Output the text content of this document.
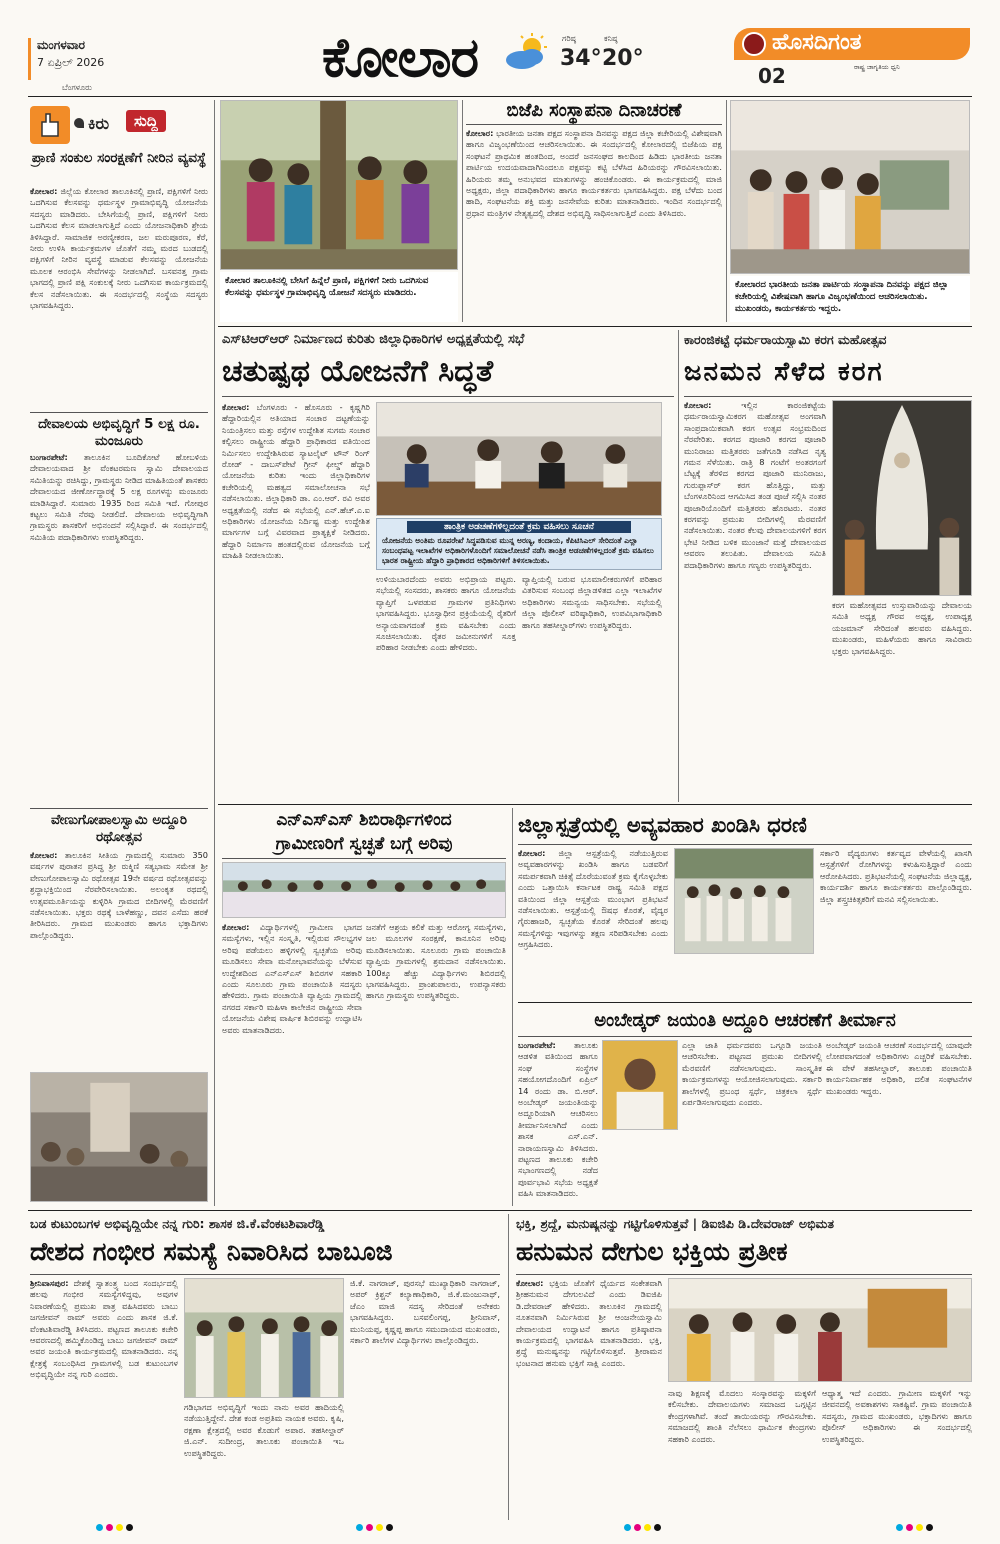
ಮಂಗಳವಾರ
7 ಏಪ್ರಿಲ್ 2026
ಬೆಂಗಳೂರು	ಕೋಲಾರ	ಗರಿಷ್ಠ
34°
ಕನಿಷ್ಠ
20°
ಹೊಸದಿಗಂತ
ರಾಷ್ಟ್ರ ಜಾಗೃತಿಯ ಧ್ವನಿ
02
ಕಿರು	ಸುದ್ದಿ
ಪ್ರಾಣಿ ಸಂಕುಲ ಸಂರಕ್ಷಣೆಗೆ ನೀರಿನ ವ್ಯವಸ್ಥೆ
ಕೋಲಾರ: ಜಿಲ್ಲೆಯ ಕೋಲಾರ ತಾಲೂಕಿನಲ್ಲಿ ಪ್ರಾಣಿ, ಪಕ್ಷಿಗಳಿಗೆ ನೀರು ಒದಗಿಸುವ ಕೆಲಸವನ್ನು ಧರ್ಮಸ್ಥಳ ಗ್ರಾಮಾಭಿವೃದ್ಧಿ ಯೋಜನೆಯ ಸದಸ್ಯರು ಮಾಡಿದರು. ಬೇಸಿಗೆಯಲ್ಲಿ ಪ್ರಾಣಿ, ಪಕ್ಷಿಗಳಿಗೆ ನೀರು ಒದಗಿಸುವ ಕೆಲಸ ಮಾಡಲಾಗುತ್ತಿದೆ ಎಂದು ಯೋಜನಾಧಿಕಾರಿ ಶ್ರೇಯ ತಿಳಿಸಿದ್ದಾರೆ. ಸಾಮಾಜಿಕ ಅರಣ್ಯೀಕರಣ, ಜಲ ಮರುಪೂರಣ, ಕೆರೆ, ನೀರು ಉಳಿಸಿ ಕಾರ್ಯಕ್ರಮಗಳ ಜೊತೆಗೆ ನಮ್ಮ ಮರದ ಬುಡದಲ್ಲಿ ಪಕ್ಷಿಗಳಿಗೆ ನೀರಿನ ವ್ಯವಸ್ಥೆ ಮಾಡುವ ಕೆಲಸವನ್ನು ಯೋಜನೆಯ ಮೂಲಕ ಆರಂಭಿಸಿ ಸೇವೆಗಳನ್ನು ನೀಡಲಾಗಿದೆ. ಬಸವನತ್ತ ಗ್ರಾಮ ಭಾಗದಲ್ಲಿ ಪ್ರಾಣಿ ಪಕ್ಷಿ ಸಂಕುಲಕ್ಕೆ ನೀರು ಒದಗಿಸುವ ಕಾರ್ಯಕ್ರಮದಲ್ಲಿ ಕೆಲಸ ನಡೆಸಲಾಯಿತು. ಈ ಸಂದರ್ಭದಲ್ಲಿ ಸಂಸ್ಥೆಯ ಸದಸ್ಯರು ಭಾಗವಹಿಸಿದ್ದರು.
ದೇವಾಲಯ ಅಭಿವೃದ್ಧಿಗೆ 5 ಲಕ್ಷ ರೂ. ಮಂಜೂರು
ಬಂಗಾರಪೇಟೆ: ತಾಲೂಕಿನ ಬೂದಿಕೋಟೆ ಹೋಬಳಿಯ ದೇವಾಲಯವಾದ ಶ್ರೀ ವೆಂಕಟರಮಣ ಸ್ವಾಮಿ ದೇವಾಲಯದ ಸಮಿತಿಯನ್ನು ರಚಿಸಿದ್ದು, ಗ್ರಾಮಸ್ಥರು ನೀಡಿದ ಮಾಹಿತಿಯಂತೆ ಶಾಸಕರು ದೇವಾಲಯದ ಜೀರ್ಣೋದ್ಧಾರಕ್ಕೆ 5 ಲಕ್ಷ ರೂಗಳನ್ನು ಮಂಜೂರು ಮಾಡಿಸಿದ್ದಾರೆ. ಸುಮಾರು 1935 ರಿಂದ ಸಮಿತಿ ಇದೆ. ಗೋಪುರ ಕಟ್ಟಲು ಸಮಿತಿ ನೆರವು ನೀಡಲಿದೆ. ದೇವಾಲಯ ಅಭಿವೃದ್ಧಿಗಾಗಿ ಗ್ರಾಮಸ್ಥರು ಶಾಸಕರಿಗೆ ಅಭಿನಂದನೆ ಸಲ್ಲಿಸಿದ್ದಾರೆ. ಈ ಸಂದರ್ಭದಲ್ಲಿ ಸಮಿತಿಯ ಪದಾಧಿಕಾರಿಗಳು ಉಪಸ್ಥಿತರಿದ್ದರು.
ವೇಣುಗೋಪಾಲಸ್ವಾಮಿ ಅದ್ದೂರಿ ರಥೋತ್ಸವ
ಕೋಲಾರ: ತಾಲೂಕಿನ ಸೀತಿಯ ಗ್ರಾಮದಲ್ಲಿ ಸುಮಾರು 350 ವರ್ಷಗಳ ಪುರಾತನ ಪ್ರಸಿದ್ಧ ಶ್ರೀ ರುಕ್ಮಿಣಿ ಸತ್ಯಭಾಮ ಸಮೇತ ಶ್ರೀ ವೇಣುಗೋಪಾಲಸ್ವಾಮಿ ರಥೋತ್ಸವ 19ನೇ ವರ್ಷದ ರಥೋತ್ಸವವನ್ನು ಶ್ರದ್ಧಾಭಕ್ತಿಯಿಂದ ನೆರವೇರಿಸಲಾಯಿತು. ಅಲಂಕೃತ ರಥದಲ್ಲಿ ಉತ್ಸವಮೂರ್ತಿಯನ್ನು ಕುಳ್ಳಿರಿಸಿ ಗ್ರಾಮದ ಬೀದಿಗಳಲ್ಲಿ ಮೆರವಣಿಗೆ ನಡೆಸಲಾಯಿತು. ಭಕ್ತರು ರಥಕ್ಕೆ ಬಾಳೆಹಣ್ಣು, ದವನ ಎಸೆದು ಹರಕೆ ತೀರಿಸಿದರು. ಗ್ರಾಮದ ಮುಖಂಡರು ಹಾಗೂ ಭಕ್ತಾದಿಗಳು ಪಾಲ್ಗೊಂಡಿದ್ದರು.
ಕೋಲಾರ ತಾಲೂಕಿನಲ್ಲಿ ಬೇಸಿಗೆ ಹಿನ್ನೆಲೆ ಪ್ರಾಣಿ, ಪಕ್ಷಿಗಳಿಗೆ ನೀರು ಒದಗಿಸುವ ಕೆಲಸವನ್ನು ಧರ್ಮಸ್ಥಳ ಗ್ರಾಮಾಭಿವೃದ್ಧಿ ಯೋಜನೆ ಸದಸ್ಯರು ಮಾಡಿದರು.
ಬಿಜೆಪಿ ಸಂಸ್ಥಾಪನಾ ದಿನಾಚರಣೆ
ಕೋಲಾರ: ಭಾರತೀಯ ಜನತಾ ಪಕ್ಷದ ಸಂಸ್ಥಾಪನಾ ದಿನವನ್ನು ಪಕ್ಷದ ಜಿಲ್ಲಾ ಕಚೇರಿಯಲ್ಲಿ ವಿಶೇಷವಾಗಿ ಹಾಗೂ ವಿಜೃಂಭಣೆಯಿಂದ ಆಚರಿಸಲಾಯಿತು. ಈ ಸಂದರ್ಭದಲ್ಲಿ ಕೋಲಾರದಲ್ಲಿ ಬಿಜೆಪಿಯ ಪಕ್ಷ ಸಂಘಟನೆ ಪ್ರಾಥಮಿಕ ಹಂತದಿಂದ, ಅಂದರೆ ಜನಸಂಘದ ಕಾಲದಿಂದ ಹಿಡಿದು ಭಾರತೀಯ ಜನತಾ ಪಾರ್ಟಿಯ ಉದಯವಾದಾಗಿನಿಂದಲೂ ಪಕ್ಷವನ್ನು ಕಟ್ಟಿ ಬೆಳೆಸಿದ ಹಿರಿಯರನ್ನು ಗೌರವಿಸಲಾಯಿತು. ಹಿರಿಯರು ತಮ್ಮ ಅನುಭವದ ಮಾತುಗಳನ್ನು ಹಂಚಿಕೊಂಡರು. ಈ ಕಾರ್ಯಕ್ರಮದಲ್ಲಿ ಮಾಜಿ ಅಧ್ಯಕ್ಷರು, ಜಿಲ್ಲಾ ಪದಾಧಿಕಾರಿಗಳು ಹಾಗೂ ಕಾರ್ಯಕರ್ತರು ಭಾಗವಹಿಸಿದ್ದರು. ಪಕ್ಷ ಬೆಳೆದು ಬಂದ ಹಾದಿ, ಸಂಘಟನೆಯ ಶಕ್ತಿ ಮತ್ತು ಜನಸೇವೆಯ ಕುರಿತು ಮಾತನಾಡಿದರು. ಇಂದಿನ ಸಂದರ್ಭದಲ್ಲಿ ಪ್ರಧಾನ ಮಂತ್ರಿಗಳ ನೇತೃತ್ವದಲ್ಲಿ ದೇಶದ ಅಭಿವೃದ್ಧಿ ಸಾಧಿಸಲಾಗುತ್ತಿದೆ ಎಂದು ತಿಳಿಸಿದರು.
ಕೋಲಾರದ ಭಾರತೀಯ ಜನತಾ ಪಾರ್ಟಿಯ ಸಂಸ್ಥಾಪನಾ ದಿನವನ್ನು ಪಕ್ಷದ ಜಿಲ್ಲಾ ಕಚೇರಿಯಲ್ಲಿ ವಿಶೇಷವಾಗಿ ಹಾಗೂ ವಿಜೃಂಭಣೆಯಿಂದ ಆಚರಿಸಲಾಯಿತು. ಮುಖಂಡರು, ಕಾರ್ಯಕರ್ತರು ಇದ್ದರು.
ಎಸ್‌ಟಿಆರ್‌ಆರ್ ನಿರ್ಮಾಣದ ಕುರಿತು ಜಿಲ್ಲಾಧಿಕಾರಿಗಳ ಅಧ್ಯಕ್ಷತೆಯಲ್ಲಿ ಸಭೆ
ಚತುಷ್ಪಥ ಯೋಜನೆಗೆ ಸಿದ್ಧತೆ
ಕೋಲಾರ: ಬೆಂಗಳೂರು - ಹೊಸೂರು - ಕೃಷ್ಣಗಿರಿ ಹೆದ್ದಾರಿಯಲ್ಲಿನ ಅತಿಯಾದ ಸಂಚಾರ ದಟ್ಟಣೆಯನ್ನು ನಿಯಂತ್ರಿಸಲು ಮತ್ತು ರಸ್ತೆಗಳ ಉದ್ದೇಶಿತ ಸುಗಮ ಸಂಚಾರ ಕಲ್ಪಿಸಲು ರಾಷ್ಟ್ರೀಯ ಹೆದ್ದಾರಿ ಪ್ರಾಧಿಕಾರದ ವತಿಯಿಂದ ನಿರ್ಮಿಸಲು ಉದ್ದೇಶಿಸಿರುವ ಸ್ಯಾಟಲೈಟ್ ಟೌನ್ ರಿಂಗ್ ರೋಡ್ - ದಾಬಸ್‌ಪೇಟೆ ಗ್ರೀನ್ ಫೀಲ್ಡ್ ಹೆದ್ದಾರಿ ಯೋಜನೆಯ ಕುರಿತು ಇಂದು ಜಿಲ್ಲಾಧಿಕಾರಿಗಳ ಕಚೇರಿಯಲ್ಲಿ ಮಹತ್ವದ ಸಮಾಲೋಚನಾ ಸಭೆ ನಡೆಸಲಾಯಿತು. ಜಿಲ್ಲಾಧಿಕಾರಿ ಡಾ. ಎಂ.ಆರ್. ರವಿ ಅವರ ಅಧ್ಯಕ್ಷತೆಯಲ್ಲಿ ನಡೆದ ಈ ಸಭೆಯಲ್ಲಿ ಎನ್.ಹೆಚ್.ಎ.ಐ ಅಧಿಕಾರಿಗಳು ಯೋಜನೆಯ ನಿರ್ದಿಷ್ಟ ಮತ್ತು ಉದ್ದೇಶಿತ ಮಾರ್ಗಗಳ ಬಗ್ಗೆ ವಿವರವಾದ ಪ್ರಾತ್ಯಕ್ಷಿಕೆ ನೀಡಿದರು. ಹೆದ್ದಾರಿ ನಿರ್ಮಾಣ ಹಂತದಲ್ಲಿರುವ ಯೋಜನೆಯ ಬಗ್ಗೆ ಮಾಹಿತಿ ನೀಡಲಾಯಿತು.
ತಾಂತ್ರಿಕ ಅಡಚಣೆಗಳಿಲ್ಲದಂತೆ ಕ್ರಮ ವಹಿಸಲು ಸೂಚನೆ
ಯೋಜನೆಯ ಅಂತಿಮ ರೂಪರೇಖೆ ಸಿದ್ಧಪಡಿಸುವ ಮುನ್ನ ಅರಣ್ಯ, ಕಂದಾಯ, ಕೆಪಿಟಿಸಿಎಲ್ ಸೇರಿದಂತೆ ಎಲ್ಲಾ ಸಂಬಂಧಪಟ್ಟ ಇಲಾಖೆಗಳ ಅಧಿಕಾರಿಗಳೊಂದಿಗೆ ಸಮಾಲೋಚನೆ ನಡೆಸಿ ತಾಂತ್ರಿಕ ಅಡಚಣೆಗಳಿಲ್ಲದಂತೆ ಕ್ರಮ ವಹಿಸಲು ಭಾರತ ರಾಷ್ಟ್ರೀಯ ಹೆದ್ದಾರಿ ಪ್ರಾಧಿಕಾರದ ಅಧಿಕಾರಿಗಳಿಗೆ ತಿಳಿಸಲಾಯಿತು.
ಉಳಿಯಬಾರದೆಂದು ಅವರು ಅಭಿಪ್ರಾಯ ಪಟ್ಟರು. ಸಭೆಯಲ್ಲಿ ಸಂಸದರು, ಶಾಸಕರು ಹಾಗೂ ಯೋಜನೆಯ ವ್ಯಾಪ್ತಿಗೆ ಒಳಪಡುವ ಗ್ರಾಮಗಳ ಪ್ರತಿನಿಧಿಗಳು ಭಾಗವಹಿಸಿದ್ದರು. ಭೂಸ್ವಾಧೀನ ಪ್ರಕ್ರಿಯೆಯಲ್ಲಿ ರೈತರಿಗೆ ಅನ್ಯಾಯವಾಗದಂತೆ ಕ್ರಮ ವಹಿಸಬೇಕು ಎಂದು ಸೂಚಿಸಲಾಯಿತು. ರೈತರ ಜಮೀನುಗಳಿಗೆ ಸೂಕ್ತ ಪರಿಹಾರ ನೀಡಬೇಕು ಎಂದು ಹೇಳಿದರು.
ವ್ಯಾಪ್ತಿಯಲ್ಲಿ ಬರುವ ಭೂಮಾಲೀಕರುಗಳಿಗೆ ಪರಿಹಾರ ವಿತರಿಸುವ ಸಂಬಂಧ ಜಿಲ್ಲಾಡಳಿತದ ಎಲ್ಲಾ ಇಲಾಖೆಗಳ ಅಧಿಕಾರಿಗಳು ಸಮನ್ವಯ ಸಾಧಿಸಬೇಕು. ಸಭೆಯಲ್ಲಿ ಜಿಲ್ಲಾ ಪೊಲೀಸ್ ವರಿಷ್ಠಾಧಿಕಾರಿ, ಉಪವಿಭಾಗಾಧಿಕಾರಿ ಹಾಗೂ ತಹಸೀಲ್ದಾರ್‌ಗಳು ಉಪಸ್ಥಿತರಿದ್ದರು.
ಕಾರಂಜಿಕಟ್ಟೆ ಧರ್ಮರಾಯಸ್ವಾಮಿ ಕರಗ ಮಹೋತ್ಸವ
ಜನಮನ ಸೆಳೆದ ಕರಗ
ಕೋಲಾರ:	ಇಲ್ಲಿನ ಕಾರಂಜಿಕಟ್ಟೆಯ ಧರ್ಮರಾಯಸ್ವಾಮಿಕರಗ ಮಹೋತ್ಸವ ಅಂಗವಾಗಿ ಸಾಂಪ್ರದಾಯಿಕವಾಗಿ ಕರಗ ಉತ್ಸವ ಸಂಭ್ರಮದಿಂದ ನೆರವೇರಿತು. ಕರಗದ ಪೂಜಾರಿ ಕರಗದ ಪೂಜಾರಿ ಮುನಿರಾಜು ಮತ್ತಿತರರು ಜತೆಗೂಡಿ ನಡೆಸಿದ ನೃತ್ಯ ಗಮನ ಸೆಳೆಯಿತು. ರಾತ್ರಿ 8 ಗಂಟೆಗೆ ಅಂತರಗಂಗೆ ಬೆಟ್ಟಕ್ಕೆ ತೆರಳಿದ ಕರಗದ ಪೂಜಾರಿ ಮುನಿರಾಜು, ಗುರುಪ್ಪಾಸ್‌ರ್ ಕರಗ ಹೊತ್ತಿದ್ದು, ಮತ್ತು ಬೆಂಗಳೂರಿನಿಂದ ಆಗಮಿಸಿದ ತಂಡ ಪೂಜೆ ಸಲ್ಲಿಸಿ ನಂತರ ಪೂಜಾರಿಯೊಂದಿಗೆ ಮತ್ತಿತರರು ಹೊರಟರು. ನಂತರ ಕರಗವನ್ನು ಪ್ರಮುಖ ಬೀದಿಗಳಲ್ಲಿ ಮೆರವಣಿಗೆ ನಡೆಸಲಾಯಿತು. ನಂತರ ಕೆಲವು ದೇವಾಲಯಗಳಿಗೆ ಕರಗ ಭೇಟಿ ನೀಡಿದ ಬಳಿಕ ಮುಂಜಾನೆ ಮತ್ತೆ ದೇವಾಲಯದ ಆವರಣ ತಲುಪಿತು. ದೇವಾಲಯ ಸಮಿತಿ ಪದಾಧಿಕಾರಿಗಳು ಹಾಗೂ ಗಣ್ಯರು ಉಪಸ್ಥಿತರಿದ್ದರು.
ಕರಗ ಮಹೋತ್ಸವದ ಉಸ್ತುವಾರಿಯನ್ನು ದೇವಾಲಯ ಸಮಿತಿ ಅಧ್ಯಕ್ಷ ಗೌರವ ಅಧ್ಯಕ್ಷ, ಉಪಾಧ್ಯಕ್ಷ ಯಜಮಾನ್ ಸೇರಿದಂತೆ ಹಲವರು ವಹಿಸಿದ್ದರು. ಮುಖಂಡರು, ಮಹಿಳೆಯರು ಹಾಗೂ ಸಾವಿರಾರು ಭಕ್ತರು ಭಾಗವಹಿಸಿದ್ದರು.
ಎನ್‌ಎಸ್‌ಎಸ್ ಶಿಬಿರಾರ್ಥಿಗಳಿಂದ
ಗ್ರಾಮೀಣರಿಗೆ ಸ್ವಚ್ಛತೆ ಬಗ್ಗೆ ಅರಿವು
ಕೋಲಾರ: ವಿದ್ಯಾರ್ಥಿಗಳಲ್ಲಿ ಗ್ರಾಮೀಣ ಭಾಗದ ಸಮಸ್ಯೆಗಳು, ಇಲ್ಲಿನ ಸಂಸ್ಕೃತಿ, ಇಲ್ಲಿರುವ ಸೌಲಭ್ಯಗಳ ಅರಿವು ಪಡೆಯಲು ಹಳ್ಳಿಗಳಲ್ಲಿ ಸ್ವಚ್ಛತೆಯ ಅರಿವು ಮೂಡಿಸಲು ಸೇವಾ ಮನೋಭಾವನೆಯನ್ನು ಬೆಳೆಸುವ ಉದ್ದೇಶದಿಂದ ಎನ್‌ಎಸ್‌ಎಸ್ ಶಿಬಿರಗಳ ಸಹಕಾರಿ ಎಂದು ಸೂಲೂರು ಗ್ರಾಮ ಪಂಚಾಯಿತಿ ಸದಸ್ಯರು ಹೇಳಿದರು. ಗ್ರಾಮ ಪಂಚಾಯಿತಿ ವ್ಯಾಪ್ತಿಯ ಗ್ರಾಮದಲ್ಲಿ ನಗರದ ಸರ್ಕಾರಿ ಮಹಿಳಾ ಕಾಲೇಜಿನ ರಾಷ್ಟ್ರೀಯ ಸೇವಾ ಯೋಜನೆಯ ವಿಶೇಷ ವಾರ್ಷಿಕ ಶಿಬಿರವನ್ನು ಉದ್ಘಾಟಿಸಿ ಅವರು ಮಾತನಾಡಿದರು.
ಜನತೆಗೆ ಆಶ್ರಯ ಕಲಿಕೆ ಮತ್ತು ಆರೋಗ್ಯ ಸಮಸ್ಯೆಗಳು, ಜಲ ಮೂಲಗಳ ಸಂರಕ್ಷಣೆ, ಕಾನೂನಿನ ಅರಿವು ಮೂಡಿಸಲಾಯಿತು. ಸೂಲೂರು ಗ್ರಾಮ ಪಂಚಾಯಿತಿ ವ್ಯಾಪ್ತಿಯ ಗ್ರಾಮಗಳಲ್ಲಿ ಶ್ರಮದಾನ ನಡೆಸಲಾಯಿತು. 100ಕ್ಕೂ ಹೆಚ್ಚು ವಿದ್ಯಾರ್ಥಿಗಳು ಶಿಬಿರದಲ್ಲಿ ಭಾಗವಹಿಸಿದ್ದರು. ಪ್ರಾಂಶುಪಾಲರು, ಉಪನ್ಯಾಸಕರು ಹಾಗೂ ಗ್ರಾಮಸ್ಥರು ಉಪಸ್ಥಿತರಿದ್ದರು.
ಜಿಲ್ಲಾಸ್ಪತ್ರೆಯಲ್ಲಿ ಅವ್ಯವಹಾರ ಖಂಡಿಸಿ ಧರಣಿ
ಕೋಲಾರ: ಜಿಲ್ಲಾ ಆಸ್ಪತ್ರೆಯಲ್ಲಿ ನಡೆಯುತ್ತಿರುವ ಅವ್ಯವಹಾರಗಳನ್ನು ಖಂಡಿಸಿ ಹಾಗೂ ಬಡವರಿಗೆ ಸಮರ್ಪಕವಾಗಿ ಚಿಕಿತ್ಸೆ ದೊರೆಯುವಂತೆ ಕ್ರಮ ಕೈಗೊಳ್ಳಬೇಕು ಎಂದು ಒತ್ತಾಯಿಸಿ ಕರ್ನಾಟಕ ರಾಷ್ಟ್ರ ಸಮಿತಿ ಪಕ್ಷದ ವತಿಯಿಂದ ಜಿಲ್ಲಾ ಆಸ್ಪತ್ರೆಯ ಮುಂಭಾಗ ಪ್ರತಿಭಟನೆ ನಡೆಸಲಾಯಿತು. ಆಸ್ಪತ್ರೆಯಲ್ಲಿ ಔಷಧ ಕೊರತೆ, ವೈದ್ಯರ ಗೈರುಹಾಜರಿ, ಸ್ವಚ್ಛತೆಯ ಕೊರತೆ ಸೇರಿದಂತೆ ಹಲವು ಸಮಸ್ಯೆಗಳಿದ್ದು ಇವುಗಳನ್ನು ತಕ್ಷಣ ಸರಿಪಡಿಸಬೇಕು ಎಂದು ಆಗ್ರಹಿಸಿದರು.
ಸರ್ಕಾರಿ ವೈದ್ಯರುಗಳು ಕರ್ತವ್ಯದ ವೇಳೆಯಲ್ಲಿ ಖಾಸಗಿ ಆಸ್ಪತ್ರೆಗಳಿಗೆ ರೋಗಿಗಳನ್ನು ಕಳುಹಿಸುತ್ತಿದ್ದಾರೆ ಎಂದು ಆರೋಪಿಸಿದರು. ಪ್ರತಿಭಟನೆಯಲ್ಲಿ ಸಂಘಟನೆಯ ಜಿಲ್ಲಾಧ್ಯಕ್ಷ, ಕಾರ್ಯದರ್ಶಿ ಹಾಗೂ ಕಾರ್ಯಕರ್ತರು ಪಾಲ್ಗೊಂಡಿದ್ದರು. ಜಿಲ್ಲಾ ಶಸ್ತ್ರಚಿಕಿತ್ಸಕರಿಗೆ ಮನವಿ ಸಲ್ಲಿಸಲಾಯಿತು.
ಅಂಬೇಡ್ಕರ್ ಜಯಂತಿ ಅದ್ದೂರಿ ಆಚರಣೆಗೆ ತೀರ್ಮಾನ
ಬಂಗಾರಪೇಟೆ: ತಾಲೂಕು ಆಡಳಿತ ವತಿಯಿಂದ ಹಾಗೂ ಸಂಘ ಸಂಸ್ಥೆಗಳ ಸಹಯೋಗದೊಂದಿಗೆ ಏಪ್ರಿಲ್ 14 ರಂದು ಡಾ. ಬಿ.ಆರ್. ಅಂಬೇಡ್ಕರ್ ಜಯಂತಿಯನ್ನು ಅದ್ದೂರಿಯಾಗಿ ಆಚರಿಸಲು ತೀರ್ಮಾನಿಸಲಾಗಿದೆ ಎಂದು ಶಾಸಕ ಎಸ್.ಎನ್. ನಾರಾಯಣಸ್ವಾಮಿ ತಿಳಿಸಿದರು. ಪಟ್ಟಣದ ತಾಲೂಕು ಕಚೇರಿ ಸಭಾಂಗಣದಲ್ಲಿ ನಡೆದ ಪೂರ್ವಭಾವಿ ಸಭೆಯ ಅಧ್ಯಕ್ಷತೆ ವಹಿಸಿ ಮಾತನಾಡಿದರು.
ಎಲ್ಲಾ ಜಾತಿ ಧರ್ಮದವರು ಒಗ್ಗೂಡಿ ಜಯಂತಿ ಆಚರಿಸಬೇಕು. ಪಟ್ಟಣದ ಪ್ರಮುಖ ಬೀದಿಗಳಲ್ಲಿ ಮೆರವಣಿಗೆ ನಡೆಸಲಾಗುವುದು. ಸಾಂಸ್ಕೃತಿಕ ಕಾರ್ಯಕ್ರಮಗಳನ್ನು ಆಯೋಜಿಸಲಾಗುವುದು. ಸರ್ಕಾರಿ ಶಾಲೆಗಳಲ್ಲಿ ಪ್ರಬಂಧ ಸ್ಪರ್ಧೆ, ಚಿತ್ರಕಲಾ ಸ್ಪರ್ಧೆ ಏರ್ಪಡಿಸಲಾಗುವುದು ಎಂದರು.
ಅಂಬೇಡ್ಕರ್ ಜಯಂತಿ ಆಚರಣೆ ಸಂದರ್ಭದಲ್ಲಿ ಯಾವುದೇ ಲೋಪವಾಗದಂತೆ ಅಧಿಕಾರಿಗಳು ಎಚ್ಚರಿಕೆ ವಹಿಸಬೇಕು. ಈ ವೇಳೆ ತಹಸೀಲ್ದಾರ್, ತಾಲೂಕು ಪಂಚಾಯಿತಿ ಕಾರ್ಯನಿರ್ವಾಹಕ ಅಧಿಕಾರಿ, ದಲಿತ ಸಂಘಟನೆಗಳ ಮುಖಂಡರು ಇದ್ದರು.
ಬಡ ಕುಟುಂಬಗಳ ಅಭಿವೃದ್ಧಿಯೇ ನನ್ನ ಗುರಿ: ಶಾಸಕ ಜಿ.ಕೆ.ವೆಂಕಟಶಿವಾರೆಡ್ಡಿ
ದೇಶದ ಗಂಭೀರ ಸಮಸ್ಯೆ ನಿವಾರಿಸಿದ ಬಾಬೂಜಿ
ಶ್ರೀನಿವಾಸಪುರ: ದೇಶಕ್ಕೆ ಸ್ವಾತಂತ್ರ್ಯ ಬಂದ ಸಂದರ್ಭದಲ್ಲಿ ಹಲವು ಗಂಭೀರ ಸಮಸ್ಯೆಗಳಿದ್ದವು, ಅವುಗಳ ನಿವಾರಣೆಯಲ್ಲಿ ಪ್ರಮುಖ ಪಾತ್ರ ವಹಿಸಿದವರು ಬಾಬು ಜಗಜೀವನ್ ರಾಮ್ ಅವರು ಎಂದು ಶಾಸಕ ಜಿ.ಕೆ. ವೆಂಕಟಶಿವಾರೆಡ್ಡಿ ತಿಳಿಸಿದರು. ಪಟ್ಟಣದ ತಾಲೂಕು ಕಚೇರಿ ಆವರಣದಲ್ಲಿ ಹಮ್ಮಿಕೊಂಡಿದ್ದ ಬಾಬು ಜಗಜೀವನ್ ರಾಮ್ ಅವರ ಜಯಂತಿ ಕಾರ್ಯಕ್ರಮದಲ್ಲಿ ಮಾತನಾಡಿದರು. ನನ್ನ ಕ್ಷೇತ್ರಕ್ಕೆ ಸಂಬಂಧಿಸಿದ ಗ್ರಾಮಗಳಲ್ಲಿ ಬಡ ಕುಟುಂಬಗಳ ಅಭಿವೃದ್ಧಿಯೇ ನನ್ನ ಗುರಿ ಎಂದರು.
ಗಡಿಭಾಗದ ಅಭಿವೃದ್ಧಿಗೆ ಇಂದು ನಾನು ಅವರ ಹಾದಿಯಲ್ಲಿ ನಡೆಯುತ್ತಿದ್ದೇನೆ. ದೇಶ ಕಂಡ ಅಪ್ರತಿಮ ನಾಯಕ ಅವರು. ಕೃಷಿ, ರಕ್ಷಣಾ ಕ್ಷೇತ್ರದಲ್ಲಿ ಅವರ ಕೊಡುಗೆ ಅಪಾರ. ತಹಸೀಲ್ದಾರ್ ಜಿ.ಎನ್. ಸುದೀಂದ್ರ, ತಾಲೂಕು ಪಂಚಾಯಿತಿ ಇಒ ಉಪಸ್ಥಿತರಿದ್ದರು.
ಜಿ.ಕೆ. ನಾಗರಾಜ್, ಪುರಸಭೆ ಮುಖ್ಯಾಧಿಕಾರಿ ನಾಗರಾಜ್, ಅಪರ್ ಕ್ರಿಶ್ಚನ್ ಕಲ್ಯಾಣಾಧಿಕಾರಿ, ಜಿ.ಕೆ.ಮಂಜುನಾಥ್, ಜೆಎಂ ಮಾಜಿ ಸದಸ್ಯ ಸೇರಿದಂತೆ ಅನೇಕರು ಭಾಗವಹಿಸಿದ್ದರು. ಬಸವಲಿಂಗಪ್ಪ, ಶ್ರೀನಿವಾಸ್, ಮುನಿಯಪ್ಪ, ಕೃಷ್ಣಪ್ಪ ಹಾಗೂ ಸಮುದಾಯದ ಮುಖಂಡರು, ಸರ್ಕಾರಿ ಶಾಲೆಗಳ ವಿದ್ಯಾರ್ಥಿಗಳು ಪಾಲ್ಗೊಂಡಿದ್ದರು.
ಭಕ್ತಿ, ಶ್ರದ್ಧೆ, ಮನುಷ್ಯನನ್ನು ಗಟ್ಟಿಗೊಳಿಸುತ್ತವೆ | ಡಿಐಜಿಪಿ ಡಿ.ದೇವರಾಜ್ ಅಭಿಮತ
ಹನುಮನ ದೇಗುಲ ಭಕ್ತಿಯ ಪ್ರತೀಕ
ಕೋಲಾರ: ಭಕ್ತಿಯ ಜೊತೆಗೆ ಧೈರ್ಯದ ಸಂಕೇತವಾಗಿ ಶ್ರೀಹನುಮನ ದೇಗುಲವಿದೆ ಎಂದು ಡಿಐಜಿಪಿ ಡಿ.ದೇವರಾಜ್ ಹೇಳಿದರು. ತಾಲೂಕಿನ ಗ್ರಾಮದಲ್ಲಿ ನೂತನವಾಗಿ ನಿರ್ಮಿಸಿರುವ ಶ್ರೀ ಆಂಜನೇಯಸ್ವಾಮಿ ದೇವಾಲಯದ ಉದ್ಘಾಟನೆ ಹಾಗೂ ಪ್ರತಿಷ್ಠಾಪನಾ ಕಾರ್ಯಕ್ರಮದಲ್ಲಿ ಭಾಗವಹಿಸಿ ಮಾತನಾಡಿದರು. ಭಕ್ತಿ, ಶ್ರದ್ಧೆ ಮನುಷ್ಯನನ್ನು ಗಟ್ಟಿಗೊಳಿಸುತ್ತವೆ. ಶ್ರೀರಾಮನ ಭಂಟನಾದ ಹನುಮ ಭಕ್ತಿಗೆ ಸಾಕ್ಷಿ ಎಂದರು.
ನಾವು ಶಿಕ್ಷಣಕ್ಕೆ ಮೊದಲು ಸಂಸ್ಕಾರವನ್ನು ಮಕ್ಕಳಿಗೆ ಕಲಿಸಬೇಕು. ದೇವಾಲಯಗಳು ಸಮಾಜದ ಒಗ್ಗಟ್ಟಿನ ಕೇಂದ್ರಗಳಾಗಿವೆ. ತಂದೆ ತಾಯಿಯರನ್ನು ಗೌರವಿಸಬೇಕು. ಸಮಾಜದಲ್ಲಿ ಶಾಂತಿ ನೆಲೆಸಲು ಧಾರ್ಮಿಕ ಕೇಂದ್ರಗಳು ಸಹಕಾರಿ ಎಂದರು.
ಆಧ್ಯಾತ್ಮ ಇದೆ ಎಂದರು. ಗ್ರಾಮೀಣ ಮಕ್ಕಳಿಗೆ ಇನ್ನು ಜೀವನದಲ್ಲಿ ಅವಕಾಶಗಳು ಸಾಕಷ್ಟಿವೆ. ಗ್ರಾಮ ಪಂಚಾಯಿತಿ ಸದಸ್ಯರು, ಗ್ರಾಮದ ಮುಖಂಡರು, ಭಕ್ತಾದಿಗಳು ಹಾಗೂ ಪೊಲೀಸ್ ಅಧಿಕಾರಿಗಳು ಈ ಸಂದರ್ಭದಲ್ಲಿ ಉಪಸ್ಥಿತರಿದ್ದರು.
